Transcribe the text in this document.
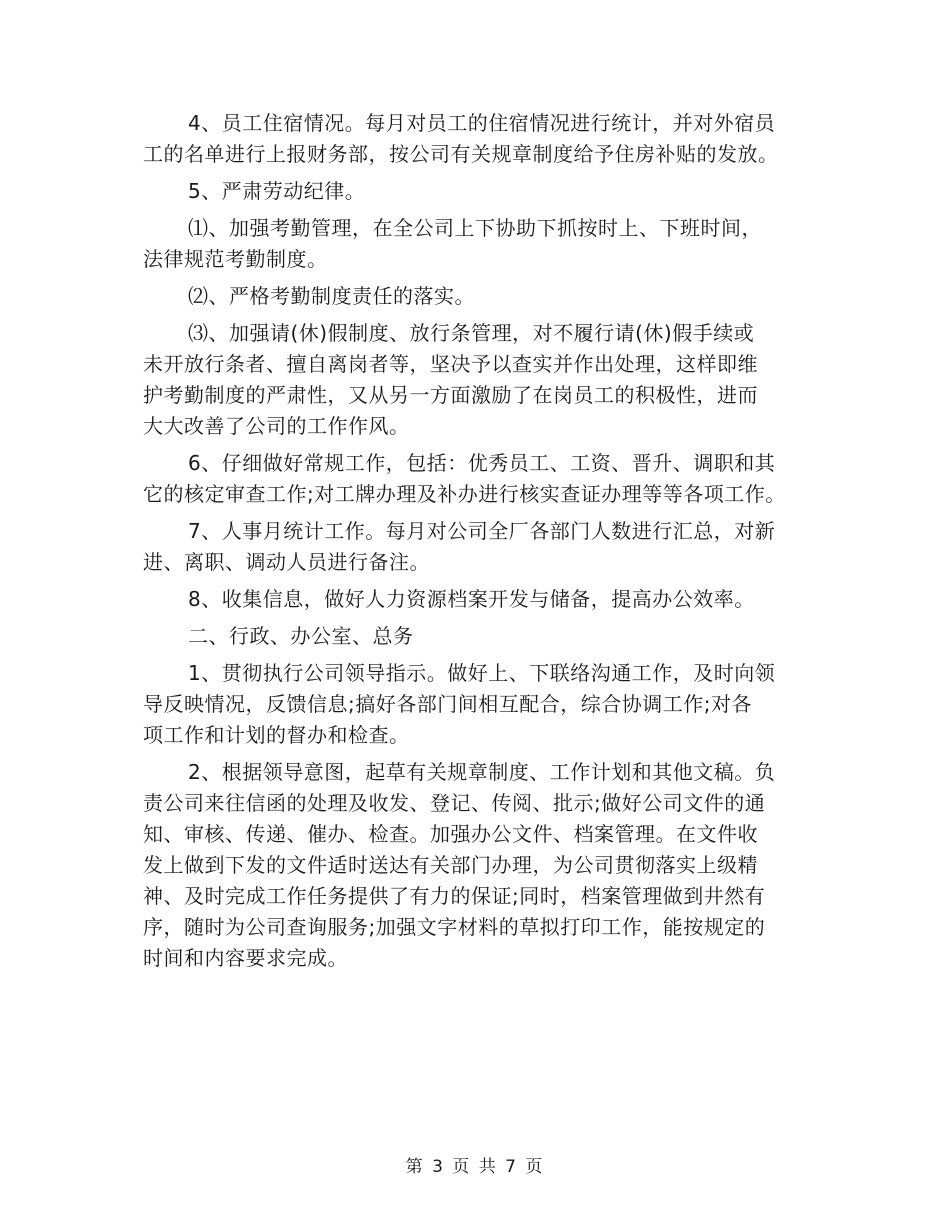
4、员工住宿情况。每月对员工的住宿情况进行统计，并对外宿员
工的名单进行上报财务部，按公司有关规章制度给予住房补贴的发放。
5、严肃劳动纪律。
⑴、加强考勤管理，在全公司上下协助下抓按时上、下班时间，
法律规范考勤制度。
⑵、严格考勤制度责任的落实。
⑶、加强请(休)假制度、放行条管理，对不履行请(休)假手续或
未开放行条者、擅自离岗者等，坚决予以查实并作出处理，这样即维
护考勤制度的严肃性，又从另一方面激励了在岗员工的积极性，进而
大大改善了公司的工作作风。
6、仔细做好常规工作，包括：优秀员工、工资、晋升、调职和其
它的核定审查工作;对工牌办理及补办进行核实查证办理等等各项工作。
7、人事月统计工作。每月对公司全厂各部门人数进行汇总，对新
进、离职、调动人员进行备注。
8、收集信息，做好人力资源档案开发与储备，提高办公效率。
二、行政、办公室、总务
1、贯彻执行公司领导指示。做好上、下联络沟通工作，及时向领
导反映情况，反馈信息;搞好各部门间相互配合，综合协调工作;对各
项工作和计划的督办和检查。
2、根据领导意图，起草有关规章制度、工作计划和其他文稿。负
责公司来往信函的处理及收发、登记、传阅、批示;做好公司文件的通
知、审核、传递、催办、检查。加强办公文件、档案管理。在文件收
发上做到下发的文件适时送达有关部门办理，为公司贯彻落实上级精
神、及时完成工作任务提供了有力的保证;同时，档案管理做到井然有
序，随时为公司查询服务;加强文字材料的草拟打印工作，能按规定的
时间和内容要求完成。
第 3 页 共 7 页
